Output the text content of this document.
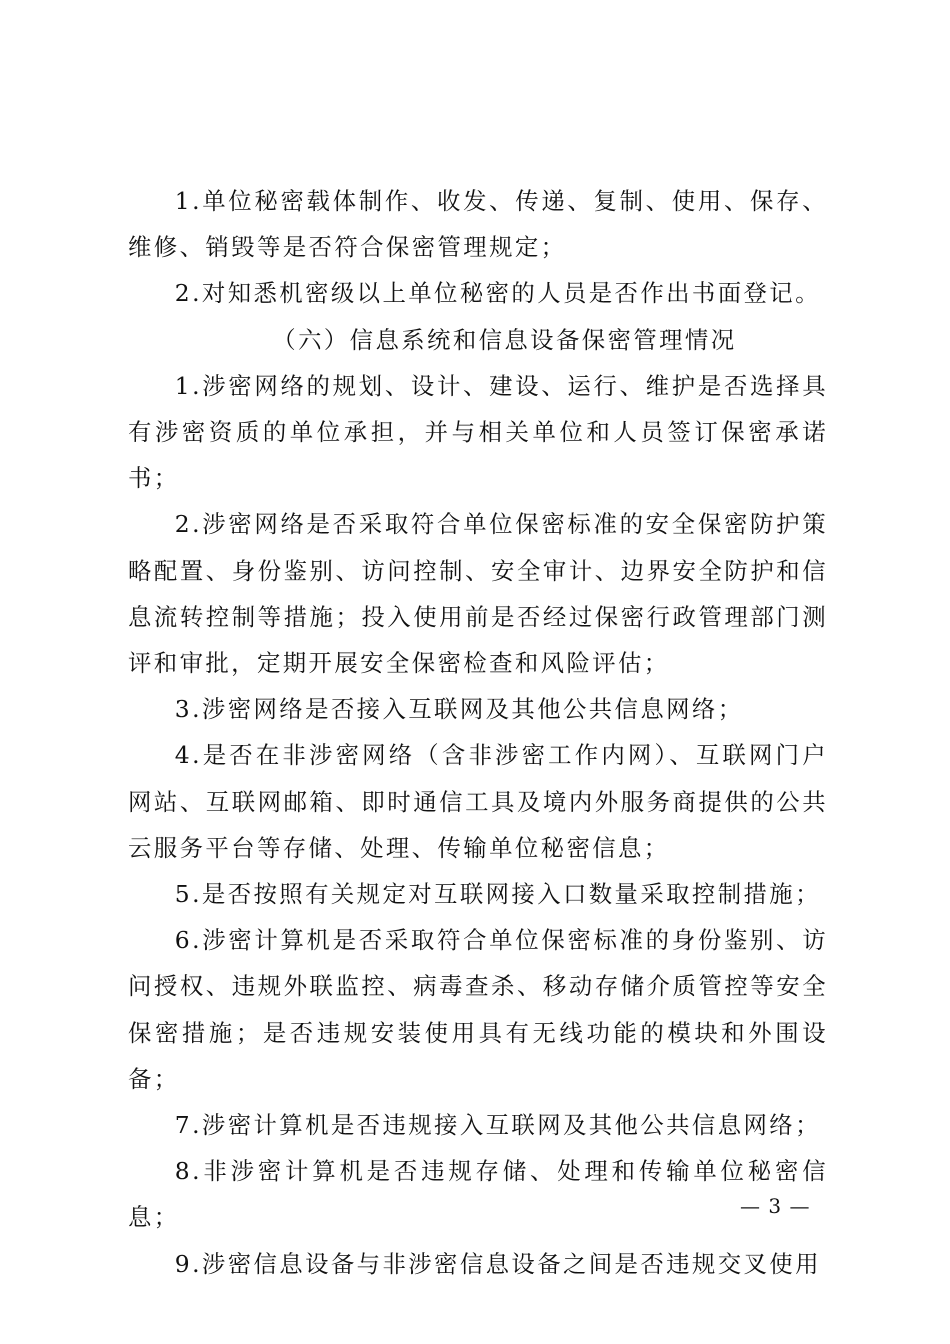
1.单位秘密载体制作、收发、传递、复制、使用、保存、维修、销毁等是否符合保密管理规定；

2.对知悉机密级以上单位秘密的人员是否作出书面登记。

（六）信息系统和信息设备保密管理情况

1.涉密网络的规划、设计、建设、运行、维护是否选择具有涉密资质的单位承担，并与相关单位和人员签订保密承诺书；

2.涉密网络是否采取符合单位保密标准的安全保密防护策略配置、身份鉴别、访问控制、安全审计、边界安全防护和信息流转控制等措施；投入使用前是否经过保密行政管理部门测评和审批，定期开展安全保密检查和风险评估；

3.涉密网络是否接入互联网及其他公共信息网络；

4.是否在非涉密网络（含非涉密工作内网）、互联网门户网站、互联网邮箱、即时通信工具及境内外服务商提供的公共云服务平台等存储、处理、传输单位秘密信息；

5.是否按照有关规定对互联网接入口数量采取控制措施；

6.涉密计算机是否采取符合单位保密标准的身份鉴别、访问授权、违规外联监控、病毒查杀、移动存储介质管控等安全保密措施；是否违规安装使用具有无线功能的模块和外围设备；

7.涉密计算机是否违规接入互联网及其他公共信息网络；

8.非涉密计算机是否违规存储、处理和传输单位秘密信息；

9.涉密信息设备与非涉密信息设备之间是否违规交叉使用

— 3 —
